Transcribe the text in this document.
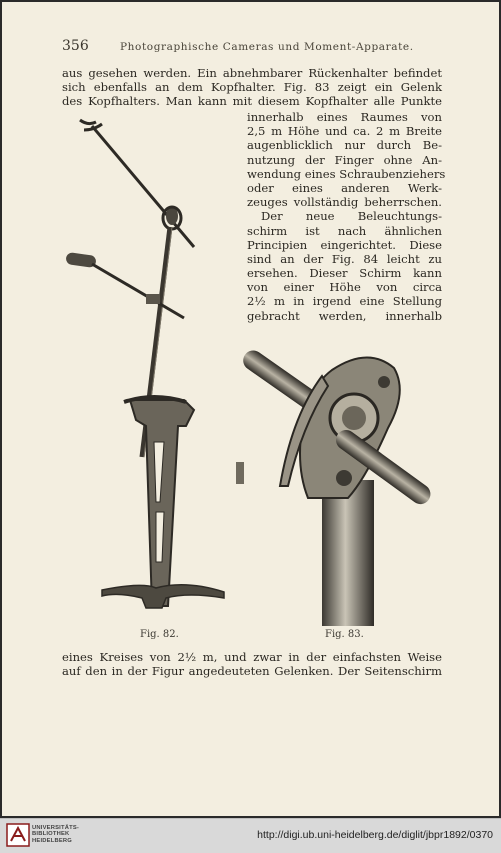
356	Photographische Cameras und Moment-Apparate.
aus gesehen werden. Ein abnehmbarer Rückenhalter befindet
sich ebenfalls an dem Kopfhalter. Fig. 83 zeigt ein Gelenk
des Kopfhalters. Man kann mit diesem Kopfhalter alle Punkte
innerhalb eines Raumes von
2,5 m Höhe und ca. 2 m Breite
augenblicklich nur durch Be-
nutzung der Finger ohne An-
wendung eines Schraubenziehers
oder eines anderen Werk-
zeuges vollständig beherrschen.
Der neue Beleuchtungs-
schirm ist nach ähnlichen
Principien eingerichtet. Diese
sind an der Fig. 84 leicht zu
ersehen. Dieser Schirm kann
von einer Höhe von circa
2½ m in irgend eine Stellung
gebracht werden, innerhalb
Fig. 82.	Fig. 83.
eines Kreises von 2½ m, und zwar in der einfachsten Weise
auf den in der Figur angedeuteten Gelenken. Der Seitenschirm
UNIVERSITÄTS-
BIBLIOTHEK
HEIDELBERG	http://digi.ub.uni-heidelberg.de/diglit/jbpr1892/0370
